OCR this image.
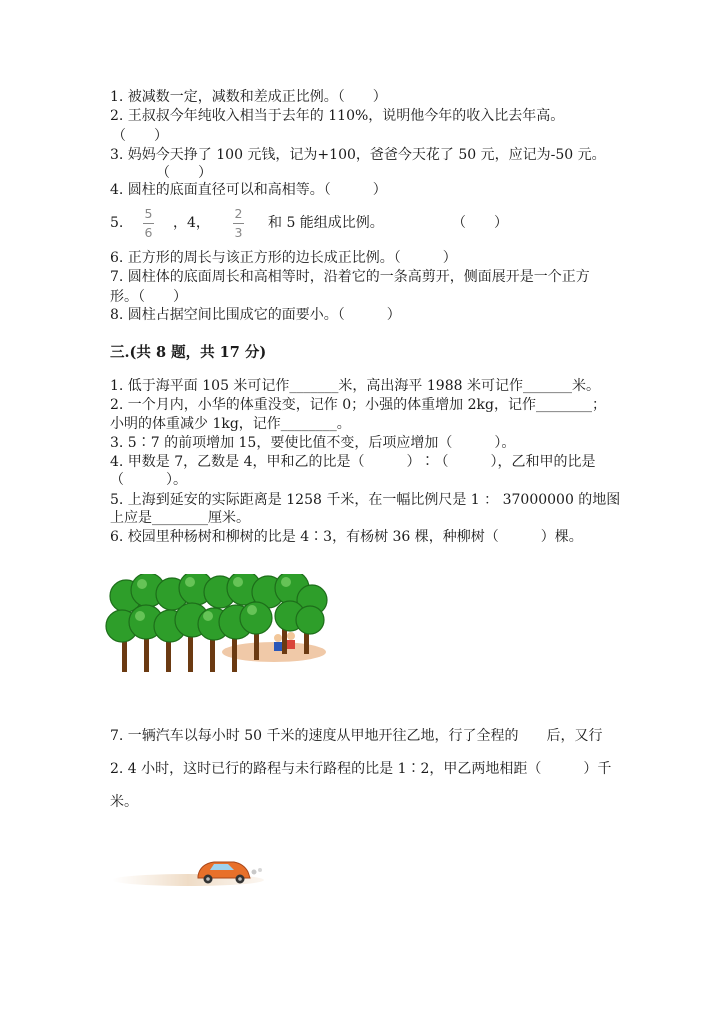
1. 被减数一定，减数和差成正比例。（　　）
2. 王叔叔今年纯收入相当于去年的 110%，说明他今年的收入比去年高。
（　　）
3. 妈妈今天挣了 100 元钱，记为+100，爸爸今天花了 50 元，应记为-50 元。
（　　）
4. 圆柱的底面直径可以和高相等。（　　　）
5.
5
6
，4，
2
3
和 5 能组成比例。	（　　）
6. 正方形的周长与该正方形的边长成正比例。（　　　）
7. 圆柱体的底面周长和高相等时，沿着它的一条高剪开，侧面展开是一个正方
形。（　　）
8. 圆柱占据空间比围成它的面要小。（　　　）
三.(共 8 题，共 17 分)
1. 低于海平面 105 米可记作_______米，高出海平 1988 米可记作_______米。
2. 一个月内，小华的体重没变，记作 0；小强的体重增加 2kg，记作________；
小明的体重减少 1kg，记作________。
3. 5∶7 的前项增加 15，要使比值不变，后项应增加（　　　）。
4. 甲数是 7，乙数是 4，甲和乙的比是（　　　）∶（　　　），乙和甲的比是
（　　　）。
5. 上海到延安的实际距离是 1258 千米，在一幅比例尺是 1 ： 37000000 的地图
上应是________厘米。
6. 校园里种杨树和柳树的比是 4∶3，有杨树 36 棵，种柳树（　　　）棵。
7. 一辆汽车以每小时 50 千米的速度从甲地开往乙地，行了全程的　　后，又行
2. 4 小时，这时已行的路程与未行路程的比是 1∶2，甲乙两地相距（　　　）千
米。
